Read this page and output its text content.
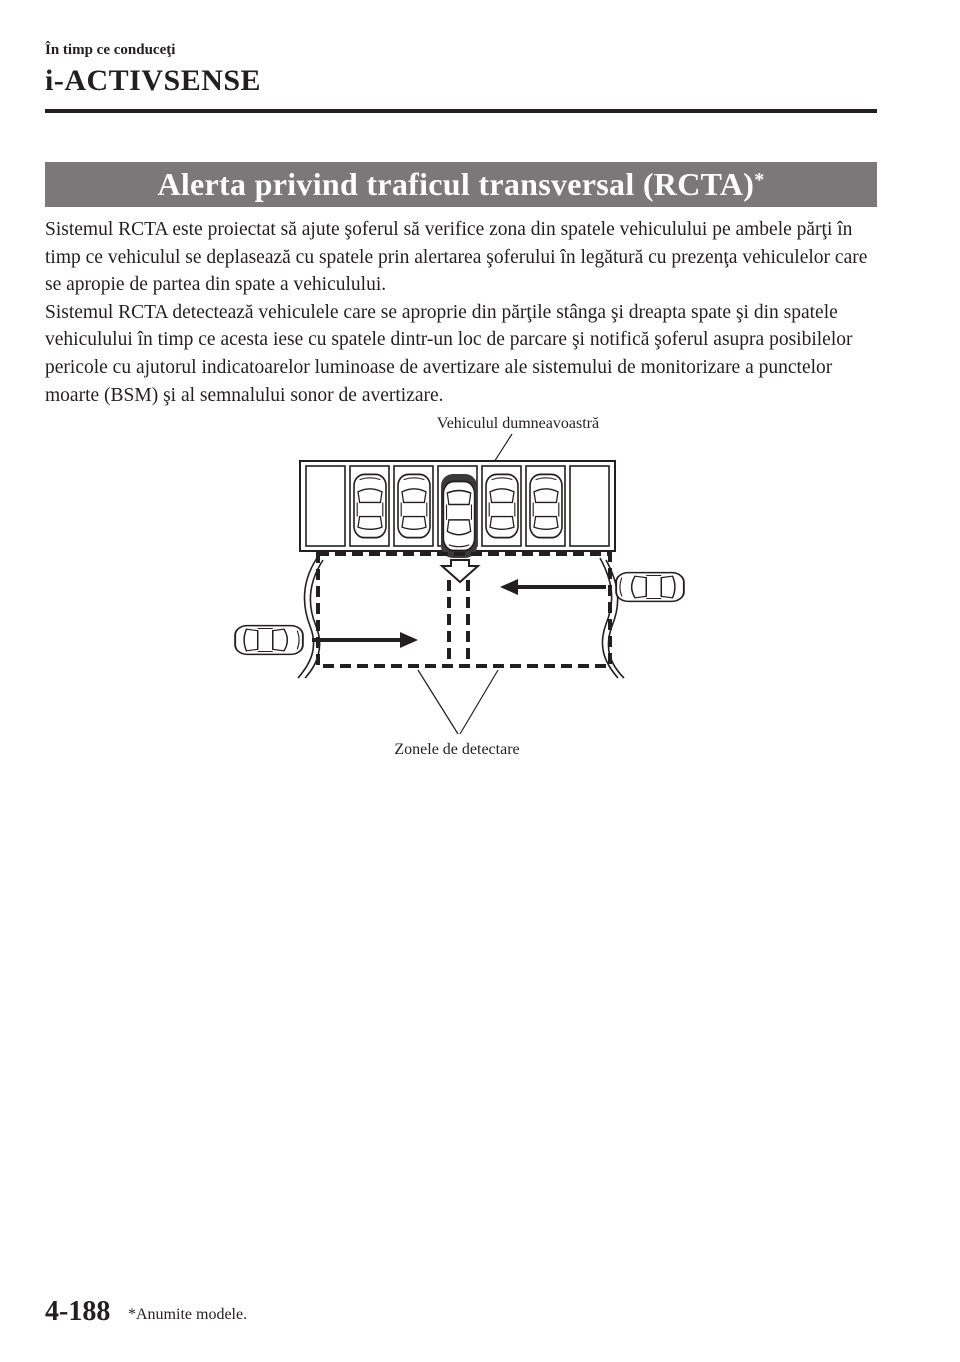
În timp ce conduceţi
i-ACTIVSENSE
Alerta privind traficul transversal (RCTA)*

Sistemul RCTA este proiectat să ajute şoferul să verifice zona din spatele vehiculului pe ambele părţi în timp ce vehiculul se deplasează cu spatele prin alertarea şoferului în legătură cu prezenţa vehiculelor care se apropie de partea din spate a vehiculului.

Sistemul RCTA detectează vehiculele care se aproprie din părţile stânga şi dreapta spate şi din spatele vehiculului în timp ce acesta iese cu spatele dintr-un loc de parcare şi notifică şoferul asupra posibilelor pericole cu ajutorul indicatoarelor luminoase de avertizare ale sistemului de monitorizare a punctelor moarte (BSM) şi al semnalului sonor de avertizare.

Vehiculul dumneavoastră
Zonele de detectare
4-188 *Anumite modele.
